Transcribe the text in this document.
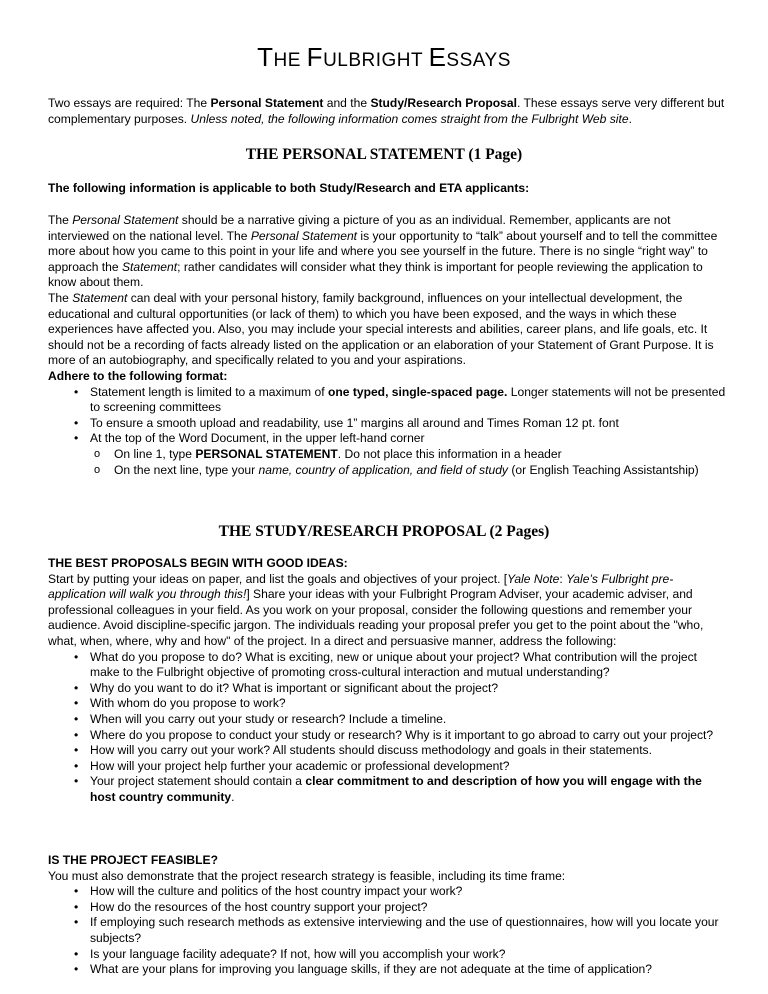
THE FULBRIGHT ESSAYS

Two essays are required: The Personal Statement and the Study/Research Proposal. These essays serve very different but complementary purposes. Unless noted, the following information comes straight from the Fulbright Web site.

THE PERSONAL STATEMENT (1 Page)

The following information is applicable to both Study/Research and ETA applicants:

The Personal Statement should be a narrative giving a picture of you as an individual. Remember, applicants are not interviewed on the national level. The Personal Statement is your opportunity to “talk” about yourself and to tell the committee more about how you came to this point in your life and where you see yourself in the future. There is no single “right way” to approach the Statement; rather candidates will consider what they think is important for people reviewing the application to know about them.

The Statement can deal with your personal history, family background, influences on your intellectual development, the educational and cultural opportunities (or lack of them) to which you have been exposed, and the ways in which these experiences have affected you. Also, you may include your special interests and abilities, career plans, and life goals, etc. It should not be a recording of facts already listed on the application or an elaboration of your Statement of Grant Purpose. It is more of an autobiography, and specifically related to you and your aspirations.

Adhere to the following format:

• Statement length is limited to a maximum of one typed, single-spaced page. Longer statements will not be presented to screening committees
• To ensure a smooth upload and readability, use 1” margins all around and Times Roman 12 pt. font
• At the top of the Word Document, in the upper left-hand corner
o On line 1, type PERSONAL STATEMENT. Do not place this information in a header
o On the next line, type your name, country of application, and field of study (or English Teaching Assistantship)
THE STUDY/RESEARCH PROPOSAL (2 Pages)

THE BEST PROPOSALS BEGIN WITH GOOD IDEAS:

Start by putting your ideas on paper, and list the goals and objectives of your project. [Yale Note: Yale’s Fulbright pre-application will walk you through this!] Share your ideas with your Fulbright Program Adviser, your academic adviser, and professional colleagues in your field. As you work on your proposal, consider the following questions and remember your audience. Avoid discipline-specific jargon. The individuals reading your proposal prefer you get to the point about the "who, what, when, where, why and how" of the project. In a direct and persuasive manner, address the following:

• What do you propose to do? What is exciting, new or unique about your project? What contribution will the project make to the Fulbright objective of promoting cross-cultural interaction and mutual understanding?
• Why do you want to do it? What is important or significant about the project?
• With whom do you propose to work?
• When will you carry out your study or research? Include a timeline.
• Where do you propose to conduct your study or research? Why is it important to go abroad to carry out your project?
• How will you carry out your work? All students should discuss methodology and goals in their statements.
• How will your project help further your academic or professional development?
• Your project statement should contain a clear commitment to and description of how you will engage with the host country community.

IS THE PROJECT FEASIBLE?

You must also demonstrate that the project research strategy is feasible, including its time frame:

• How will the culture and politics of the host country impact your work?
• How do the resources of the host country support your project?
• If employing such research methods as extensive interviewing and the use of questionnaires, how will you locate your subjects?
• Is your language facility adequate? If not, how will you accomplish your work?
• What are your plans for improving you language skills, if they are not adequate at the time of application?
